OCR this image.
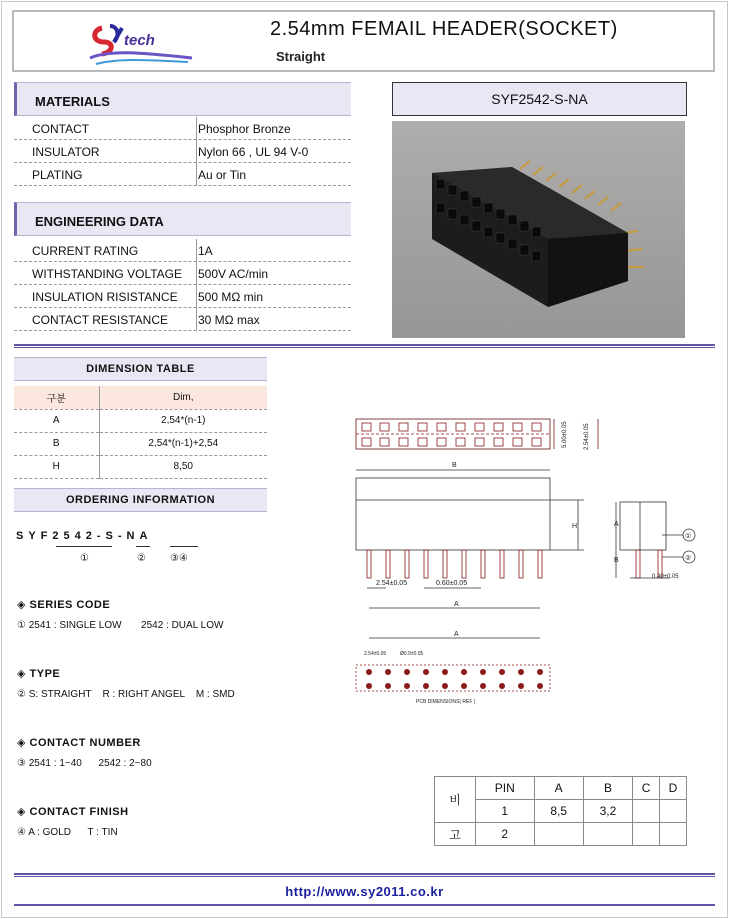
tech
2.54mm FEMAIL HEADER(SOCKET)
Straight
MATERIALS
CONTACT	Phosphor Bronze
INSULATOR	Nylon 66 , UL 94 V-0
PLATING	Au or Tin
ENGINEERING DATA
CURRENT RATING	1A
WITHSTANDING VOLTAGE 500V AC/min
INSULATION RISISTANCE 500 MΩ min
CONTACT RESISTANCE 30 MΩ max
SYF2542-S-NA
DIMENSION TABLE
구분	Dim,
A	2,54*(n-1)
B	2,54*(n-1)+2,54
H	8,50
ORDERING INFORMATION
SYF2542-S-NA
①	② ③④
◈ SERIES CODE
① 2541 : SINGLE LOW       2542 : DUAL LOW
◈ TYPE
② S: STRAIGHT    R : RIGHT ANGEL    M : SMD
◈ CONTACT NUMBER
③ 2541 : 1~40      2542 : 2~80
◈ CONTACT FINISH
④ A : GOLD      T : TIN
B
H
A
2.54±0.05	0.60±0.05
5.00±0.05	2.54±0.05
0.40±0.05
A
B
①
②
A
2.54±0.05	Ø0.9±0.05
PCB DIMENSIONS( REF )
비	PIN	A	B	C	D
	1	8,5	3,2		
고	2				
http://www.sy2011.co.kr
